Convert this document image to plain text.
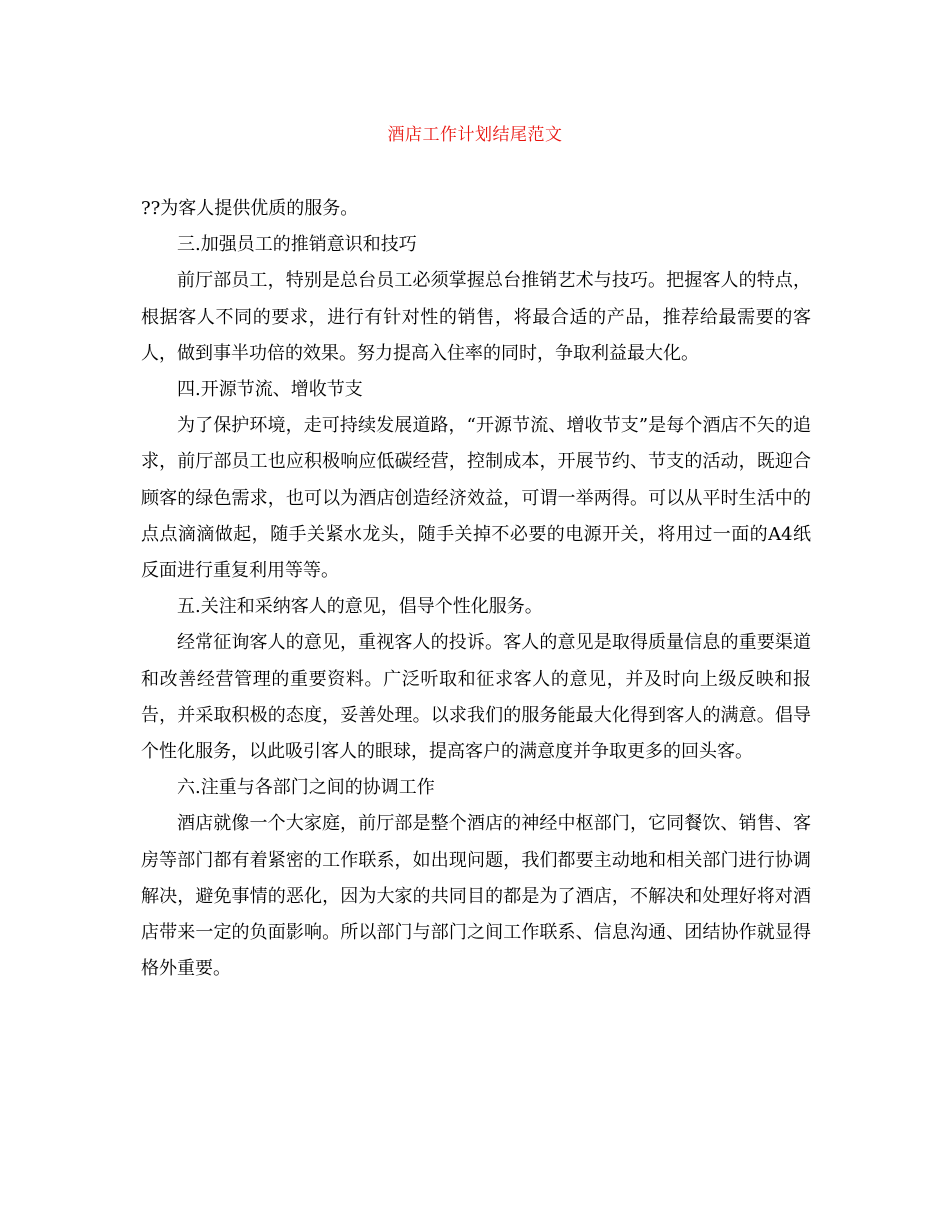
酒店工作计划结尾范文

??为客人提供优质的服务。

三.加强员工的推销意识和技巧

前厅部员工，特别是总台员工必须掌握总台推销艺术与技巧。把握客人的特点，根据客人不同的要求，进行有针对性的销售，将最合适的产品，推荐给最需要的客人，做到事半功倍的效果。努力提高入住率的同时，争取利益最大化。

四.开源节流、增收节支

为了保护环境，走可持续发展道路，“开源节流、增收节支”是每个酒店不矢的追求，前厅部员工也应积极响应低碳经营，控制成本，开展节约、节支的活动，既迎合顾客的绿色需求，也可以为酒店创造经济效益，可谓一举两得。可以从平时生活中的点点滴滴做起，随手关紧水龙头，随手关掉不必要的电源开关，将用过一面的A4纸反面进行重复利用等等。

五.关注和采纳客人的意见，倡导个性化服务。

经常征询客人的意见，重视客人的投诉。客人的意见是取得质量信息的重要渠道和改善经营管理的重要资料。广泛听取和征求客人的意见，并及时向上级反映和报告，并采取积极的态度，妥善处理。以求我们的服务能最大化得到客人的满意。倡导个性化服务，以此吸引客人的眼球，提高客户的满意度并争取更多的回头客。

六.注重与各部门之间的协调工作

酒店就像一个大家庭，前厅部是整个酒店的神经中枢部门，它同餐饮、销售、客房等部门都有着紧密的工作联系，如出现问题，我们都要主动地和相关部门进行协调解决，避免事情的恶化，因为大家的共同目的都是为了酒店，不解决和处理好将对酒店带来一定的负面影响。所以部门与部门之间工作联系、信息沟通、团结协作就显得格外重要。
